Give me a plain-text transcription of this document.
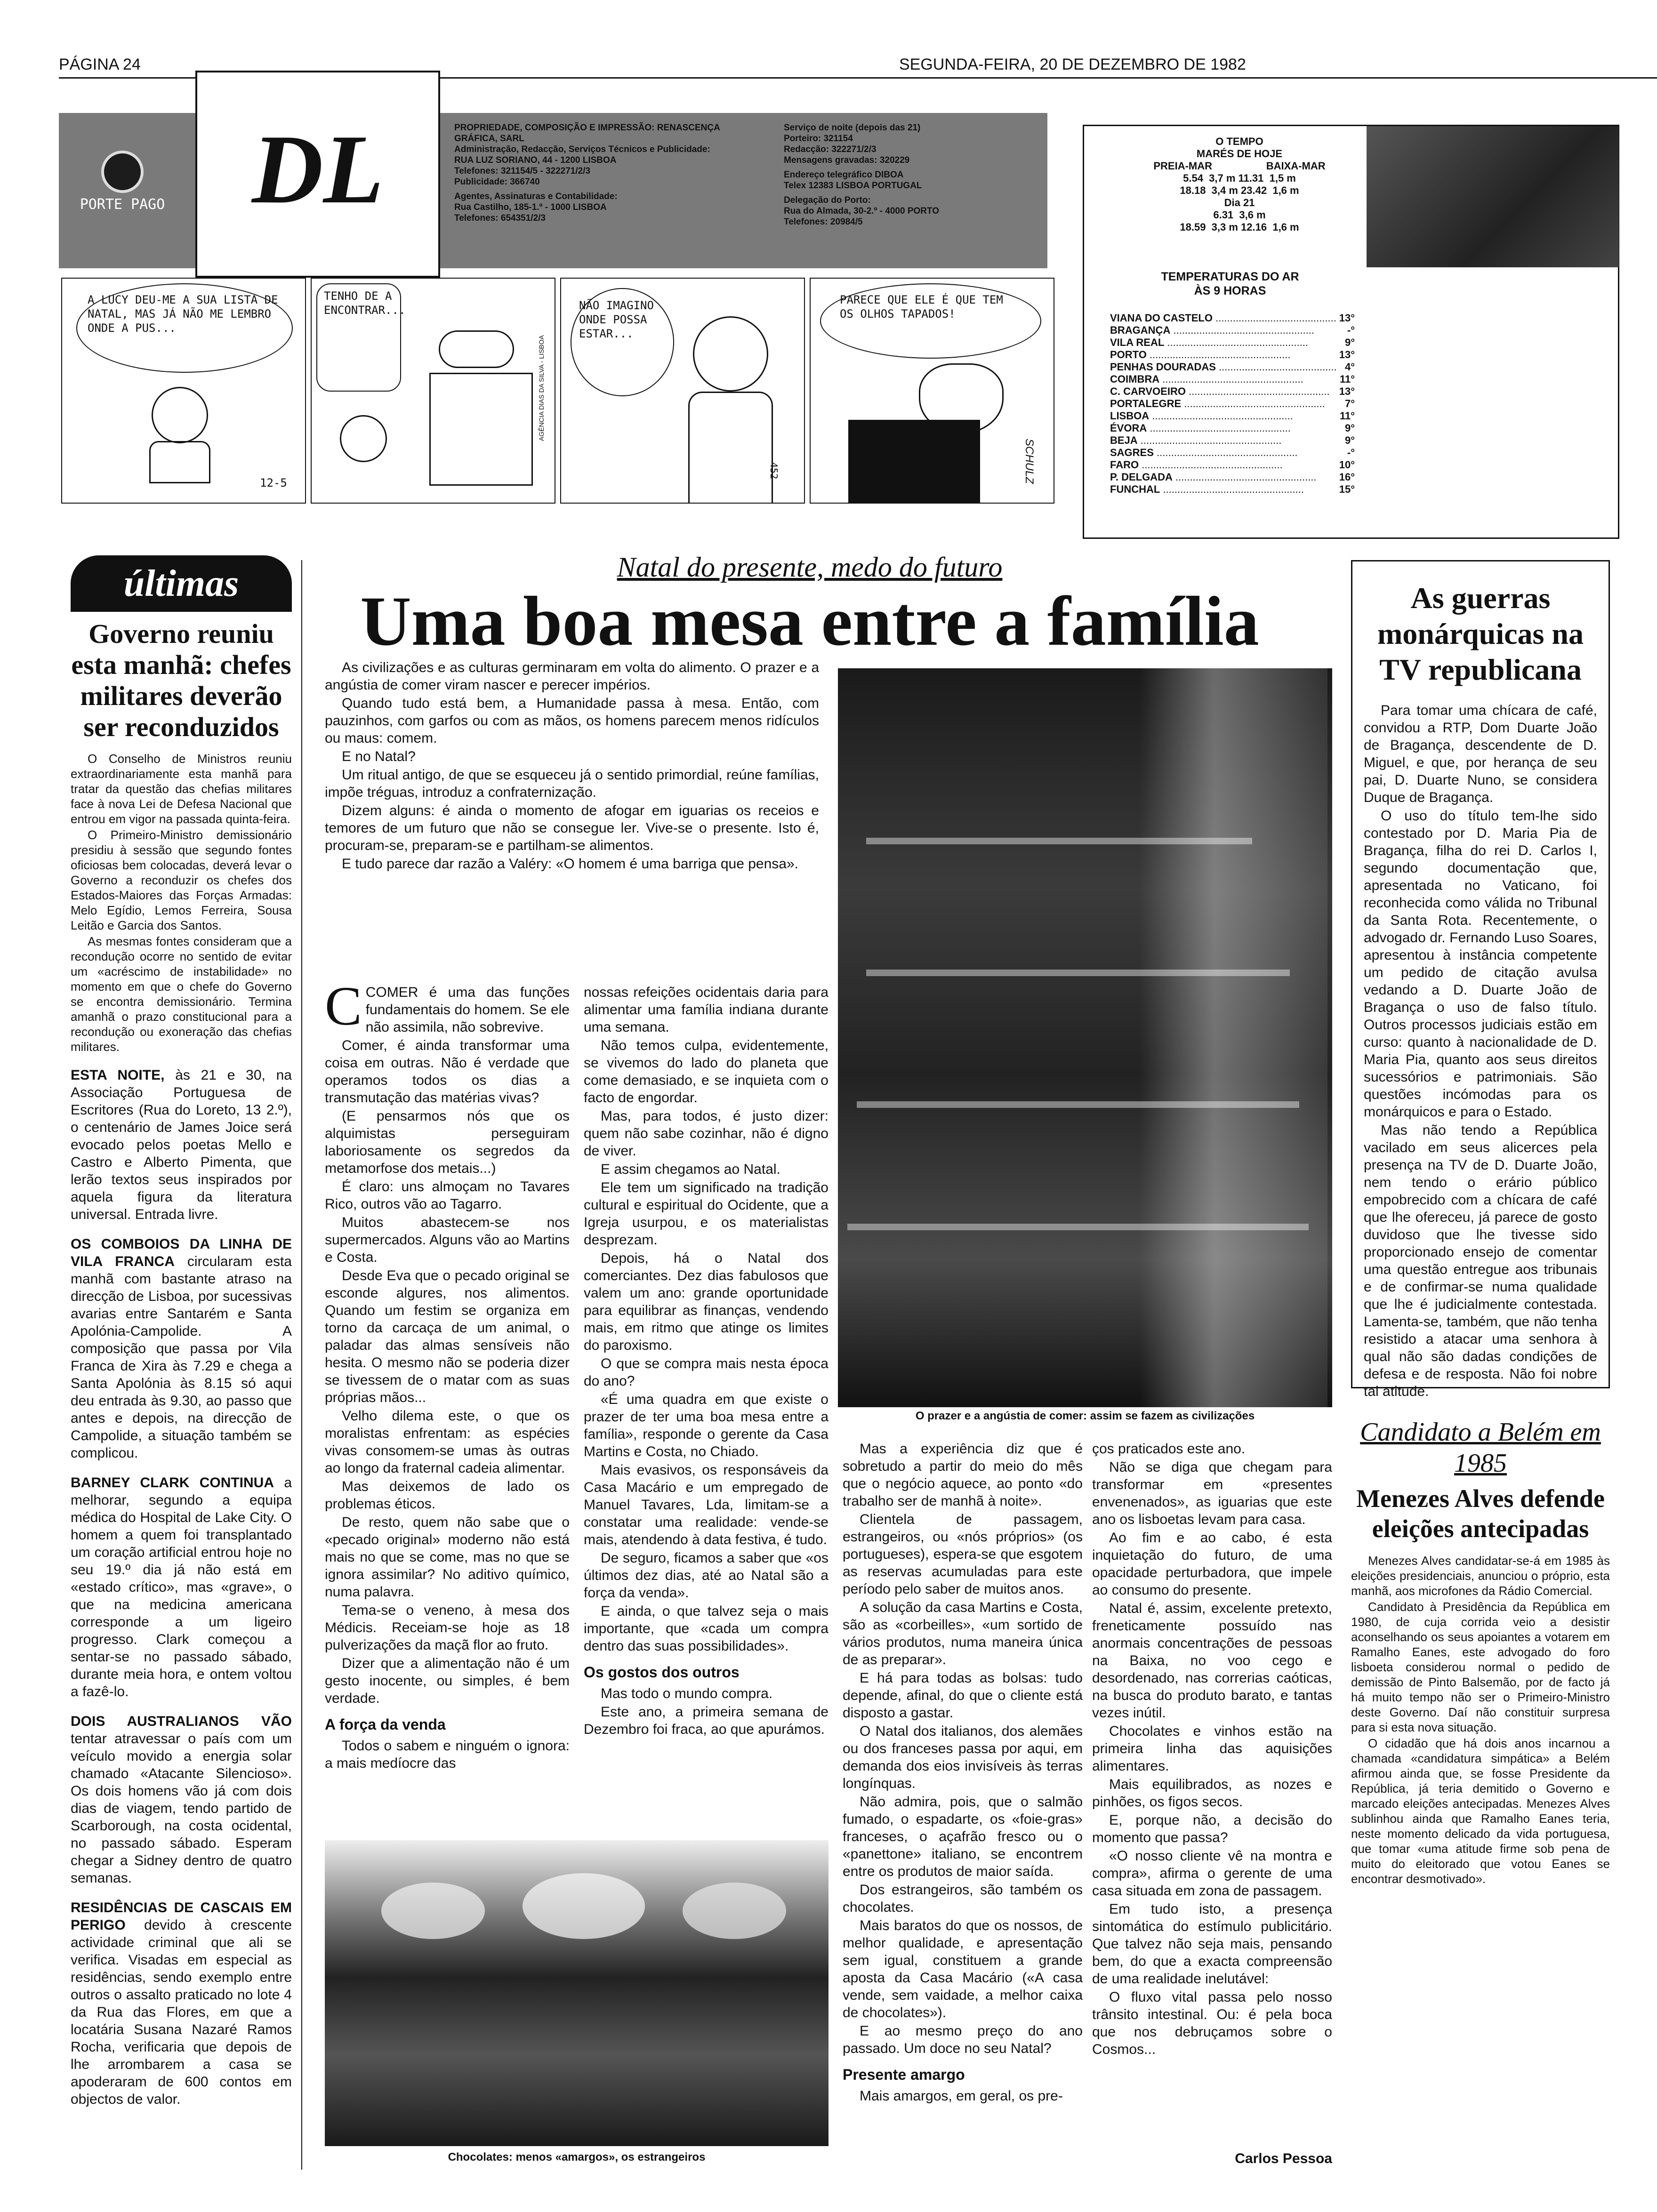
PÁGINA 24	SEGUNDA-FEIRA, 20 DE DEZEMBRO DE 1982
PORTE PAGO DL	PROPRIEDADE, COMPOSIÇÃO E IMPRESSÃO: RENASCENÇA GRÁFICA, SARL
Administração, Redacção, Serviços Técnicos e Publicidade:
RUA LUZ SORIANO, 44 - 1200 LISBOA
Telefones: 321154/5 - 322271/2/3
Publicidade: 366740
Agentes, Assinaturas e Contabilidade:
Rua Castilho, 185-1.º - 1000 LISBOA
Telefones: 654351/2/3
Serviço de noite (depois das 21)
Porteiro: 321154
Redacção: 322271/2/3
Mensagens gravadas: 320229
Endereço telegráfico DIBOA
Telex 12383 LISBOA PORTUGAL
Delegação do Porto:
Rua do Almada, 30-2.º - 4000 PORTO
Telefones: 20984/5
O TEMPO
MARÉS DE HOJE
PREIA-MAR	BAIXA-MAR
5.54  3,7 m 11.31  1,5 m
18.18  3,4 m 23.42  1,6 m
Dia 21
6.31  3,6 m
18.59  3,3 m 12.16  1,6 m
TEMPERATURAS DO AR
ÀS 9 HORAS
VIANA DO CASTELO .....	13°
BRAGANÇA .....	-°
VILA REAL .....	9°
PORTO .....	13°
PENHAS DOURADAS .....	4°
COIMBRA .....	11°
C. CARVOEIRO .....	13°
PORTALEGRE .....	7°
LISBOA .....	11°
ÉVORA .....	9°
BEJA .....	9°
SAGRES .....	-°
FARO .....	10°
P. DELGADA .....	16°
FUNCHAL .....	15°
A LUCY DEU-ME A SUA LISTA DE NATAL, MAS JÁ NÃO ME LEMBRO ONDE A PUS...
12-5
TENHO DE A ENCONTRAR...
AGÊNCIA DIAS DA SILVA - LISBOA
NÃO IMAGINO ONDE POSSA ESTAR...
452
PARECE QUE ELE É QUE TEM OS OLHOS TAPADOS!
SCHULZ
últimas
Governo reuniu esta manhã: chefes militares deverão ser reconduzidos

O Conselho de Ministros reuniu extraordinariamente esta manhã para tratar da questão das chefias militares face à nova Lei de Defesa Nacional que entrou em vigor na passada quinta-feira.

O Primeiro-Ministro demissionário presidiu à sessão que segundo fontes oficiosas bem colocadas, deverá levar o Governo a reconduzir os chefes dos Estados-Maiores das Forças Armadas: Melo Egídio, Lemos Ferreira, Sousa Leitão e Garcia dos Santos.

As mesmas fontes consideram que a recondução ocorre no sentido de evitar um «acréscimo de instabilidade» no momento em que o chefe do Governo se encontra demissionário. Termina amanhã o prazo constitucional para a recondução ou exoneração das chefias militares.

ESTA NOITE, às 21 e 30, na Associação Portuguesa de Escritores (Rua do Loreto, 13 2.º), o centenário de James Joice será evocado pelos poetas Mello e Castro e Alberto Pimenta, que lerão textos seus inspirados por aquela figura da literatura universal. Entrada livre.
OS COMBOIOS DA LINHA DE VILA FRANCA circularam esta manhã com bastante atraso na direcção de Lisboa, por sucessivas avarias entre Santarém e Santa Apolónia-Campolide. A composição que passa por Vila Franca de Xira às 7.29 e chega a Santa Apolónia às 8.15 só aqui deu entrada às 9.30, ao passo que antes e depois, na direcção de Campolide, a situação também se complicou.
BARNEY CLARK CONTINUA a melhorar, segundo a equipa médica do Hospital de Lake City. O homem a quem foi transplantado um coração artificial entrou hoje no seu 19.º dia já não está em «estado crítico», mas «grave», o que na medicina americana corresponde a um ligeiro progresso. Clark começou a sentar-se no passado sábado, durante meia hora, e ontem voltou a fazê-lo.
DOIS AUSTRALIANOS VÃO tentar atravessar o país com um veículo movido a energia solar chamado «Atacante Silencioso». Os dois homens vão já com dois dias de viagem, tendo partido de Scarborough, na costa ocidental, no passado sábado. Esperam chegar a Sidney dentro de quatro semanas.
RESIDÊNCIAS DE CASCAIS EM PERIGO devido à crescente actividade criminal que ali se verifica. Visadas em especial as residências, sendo exemplo entre outros o assalto praticado no lote 4 da Rua das Flores, em que a locatária Susana Nazaré Ramos Rocha, verificaria que depois de lhe arrombarem a casa se apoderaram de 600 contos em objectos de valor.
Natal do presente, medo do futuro
Uma boa mesa entre a família

As civilizações e as culturas germinaram em volta do alimento. O prazer e a angústia de comer viram nascer e perecer impérios.

Quando tudo está bem, a Humanidade passa à mesa. Então, com pauzinhos, com garfos ou com as mãos, os homens parecem menos ridículos ou maus: comem.

E no Natal?

Um ritual antigo, de que se esqueceu já o sentido primordial, reúne famílias, impõe tréguas, introduz a confraternização.

Dizem alguns: é ainda o momento de afogar em iguarias os receios e temores de um futuro que não se consegue ler. Vive-se o presente. Isto é, procuram-se, preparam-se e partilham-se alimentos.

E tudo parece dar razão a Valéry: «O homem é uma barriga que pensa».

O prazer e a angústia de comer: assim se fazem as civilizações

CCOMER é uma das funções fundamentais do homem. Se ele não assimila, não sobrevive.

Comer, é ainda transformar uma coisa em outras. Não é verdade que operamos todos os dias a transmutação das matérias vivas?

(E pensarmos nós que os alquimistas perseguiram laboriosamente os segredos da metamorfose dos metais...)

É claro: uns almoçam no Tavares Rico, outros vão ao Tagarro.

Muitos abastecem-se nos supermercados. Alguns vão ao Martins e Costa.

Desde Eva que o pecado original se esconde algures, nos alimentos. Quando um festim se organiza em torno da carcaça de um animal, o paladar das almas sensíveis não hesita. O mesmo não se poderia dizer se tivessem de o matar com as suas próprias mãos...

Velho dilema este, o que os moralistas enfrentam: as espécies vivas consomem-se umas às outras ao longo da fraternal cadeia alimentar.

Mas deixemos de lado os problemas éticos.

De resto, quem não sabe que o «pecado original» moderno não está mais no que se come, mas no que se ignora assimilar? No aditivo químico, numa palavra.

Tema-se o veneno, à mesa dos Médicis. Receiam-se hoje as 18 pulverizações da maçã flor ao fruto.

Dizer que a alimentação não é um gesto inocente, ou simples, é bem verdade.

A força da venda

Todos o sabem e ninguém o ignora: a mais medíocre das

nossas refeições ocidentais daria para alimentar uma família indiana durante uma semana.

Não temos culpa, evidentemente, se vivemos do lado do planeta que come demasiado, e se inquieta com o facto de engordar.

Mas, para todos, é justo dizer: quem não sabe cozinhar, não é digno de viver.

E assim chegamos ao Natal.

Ele tem um significado na tradição cultural e espiritual do Ocidente, que a Igreja usurpou, e os materialistas desprezam.

Depois, há o Natal dos comerciantes. Dez dias fabulosos que valem um ano: grande oportunidade para equilibrar as finanças, vendendo mais, em ritmo que atinge os limites do paroxismo.

O que se compra mais nesta época do ano?

«É uma quadra em que existe o prazer de ter uma boa mesa entre a família», responde o gerente da Casa Martins e Costa, no Chiado.

Mais evasivos, os responsáveis da Casa Macário e um empregado de Manuel Tavares, Lda, limitam-se a constatar uma realidade: vende-se mais, atendendo à data festiva, é tudo.

De seguro, ficamos a saber que «os últimos dez dias, até ao Natal são a força da venda».

E ainda, o que talvez seja o mais importante, que «cada um compra dentro das suas possibilidades».

Os gostos dos outros

Mas todo o mundo compra.

Este ano, a primeira semana de Dezembro foi fraca, ao que apurámos.

Chocolates: menos «amargos», os estrangeiros

Mas a experiência diz que é sobretudo a partir do meio do mês que o negócio aquece, ao ponto «do trabalho ser de manhã à noite».

Clientela de passagem, estrangeiros, ou «nós próprios» (os portugueses), espera-se que esgotem as reservas acumuladas para este período pelo saber de muitos anos.

A solução da casa Martins e Costa, são as «corbeilles», «um sortido de vários produtos, numa maneira única de as preparar».

E há para todas as bolsas: tudo depende, afinal, do que o cliente está disposto a gastar.

O Natal dos italianos, dos alemães ou dos franceses passa por aqui, em demanda dos eios invisíveis às terras longínquas.

Não admira, pois, que o salmão fumado, o espadarte, os «foie-gras» franceses, o açafrão fresco ou o «panettone» italiano, se encontrem entre os produtos de maior saída.

Dos estrangeiros, são também os chocolates.

Mais baratos do que os nossos, de melhor qualidade, e apresentação sem igual, constituem a grande aposta da Casa Macário («A casa vende, sem vaidade, a melhor caixa de chocolates»).

E ao mesmo preço do ano passado. Um doce no seu Natal?

Presente amargo

Mais amargos, em geral, os pre-

ços praticados este ano.

Não se diga que chegam para transformar em «presentes envenenados», as iguarias que este ano os lisboetas levam para casa.

Ao fim e ao cabo, é esta inquietação do futuro, de uma opacidade perturbadora, que impele ao consumo do presente.

Natal é, assim, excelente pretexto, freneticamente possuído nas anormais concentrações de pessoas na Baixa, no voo cego e desordenado, nas correrias caóticas, na busca do produto barato, e tantas vezes inútil.

Chocolates e vinhos estão na primeira linha das aquisições alimentares.

Mais equilibrados, as nozes e pinhões, os figos secos.

E, porque não, a decisão do momento que passa?

«O nosso cliente vê na montra e compra», afirma o gerente de uma casa situada em zona de passagem.

Em tudo isto, a presença sintomática do estímulo publicitário. Que talvez não seja mais, pensando bem, do que a exacta compreensão de uma realidade inelutável:

O fluxo vital passa pelo nosso trânsito intestinal. Ou: é pela boca que nos debruçamos sobre o Cosmos...

Carlos Pessoa
As guerras monárquicas na TV republicana

Para tomar uma chícara de café, convidou a RTP, Dom Duarte João de Bragança, descendente de D. Miguel, e que, por herança de seu pai, D. Duarte Nuno, se considera Duque de Bragança.

O uso do título tem-lhe sido contestado por D. Maria Pia de Bragança, filha do rei D. Carlos I, segundo documentação que, apresentada no Vaticano, foi reconhecida como válida no Tribunal da Santa Rota. Recentemente, o advogado dr. Fernando Luso Soares, apresentou à instância competente um pedido de citação avulsa vedando a D. Duarte João de Bragança o uso de falso título. Outros processos judiciais estão em curso: quanto à nacionalidade de D. Maria Pia, quanto aos seus direitos sucessórios e patrimoniais. São questões incómodas para os monárquicos e para o Estado.

Mas não tendo a República vacilado em seus alicerces pela presença na TV de D. Duarte João, nem tendo o erário público empobrecido com a chícara de café que lhe ofereceu, já parece de gosto duvidoso que lhe tivesse sido proporcionado ensejo de comentar uma questão entregue aos tribunais e de confirmar-se numa qualidade que lhe é judicialmente contestada. Lamenta-se, também, que não tenha resistido a atacar uma senhora à qual não são dadas condições de defesa e de resposta. Não foi nobre tal atitude.

Candidato a Belém em 1985
Menezes Alves defende eleições antecipadas

Menezes Alves candidatar-se-á em 1985 às eleições presidenciais, anunciou o próprio, esta manhã, aos microfones da Rádio Comercial.

Candidato à Presidência da República em 1980, de cuja corrida veio a desistir aconselhando os seus apoiantes a votarem em Ramalho Eanes, este advogado do foro lisboeta considerou normal o pedido de demissão de Pinto Balsemão, por de facto já há muito tempo não ser o Primeiro-Ministro deste Governo. Daí não constituir surpresa para si esta nova situação.

O cidadão que há dois anos incarnou a chamada «candidatura simpática» a Belém afirmou ainda que, se fosse Presidente da República, já teria demitido o Governo e marcado eleições antecipadas. Menezes Alves sublinhou ainda que Ramalho Eanes teria, neste momento delicado da vida portuguesa, que tomar «uma atitude firme sob pena de muito do eleitorado que votou Eanes se encontrar desmotivado».
